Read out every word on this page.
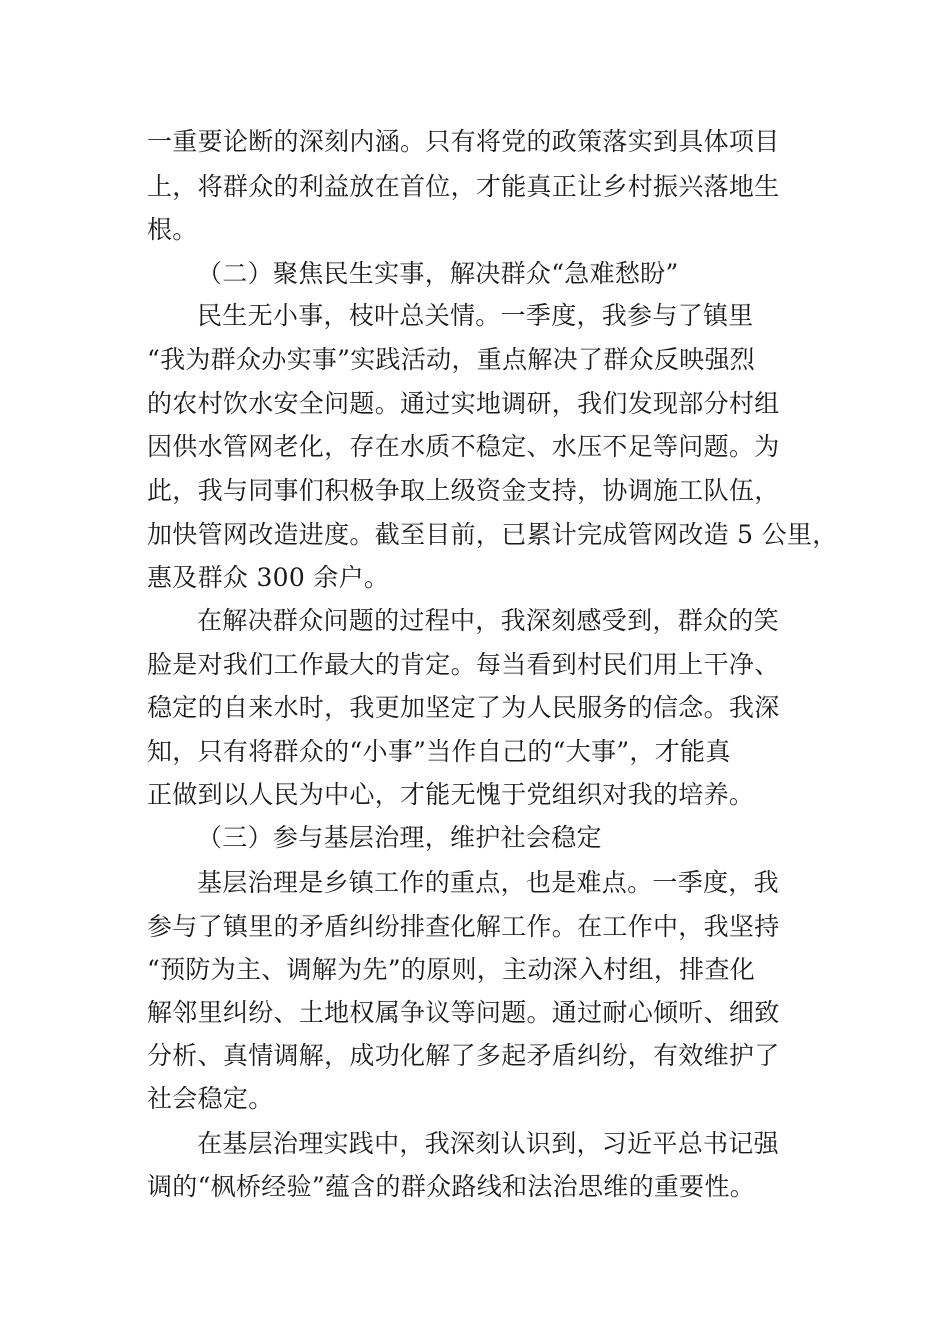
一重要论断的深刻内涵。只有将党的政策落实到具体项目

上，将群众的利益放在首位，才能真正让乡村振兴落地生

根。

（二）聚焦民生实事，解决群众“急难愁盼”

民生无小事，枝叶总关情。一季度，我参与了镇里

“我为群众办实事”实践活动，重点解决了群众反映强烈

的农村饮水安全问题。通过实地调研，我们发现部分村组

因供水管网老化，存在水质不稳定、水压不足等问题。为

此，我与同事们积极争取上级资金支持，协调施工队伍，

加快管网改造进度。截至目前，已累计完成管网改造 5 公里，

惠及群众 300 余户。

在解决群众问题的过程中，我深刻感受到，群众的笑

脸是对我们工作最大的肯定。每当看到村民们用上干净、

稳定的自来水时，我更加坚定了为人民服务的信念。我深

知，只有将群众的“小事”当作自己的“大事”，才能真

正做到以人民为中心，才能无愧于党组织对我的培养。

（三）参与基层治理，维护社会稳定

基层治理是乡镇工作的重点，也是难点。一季度，我

参与了镇里的矛盾纠纷排查化解工作。在工作中，我坚持

“预防为主、调解为先”的原则，主动深入村组，排查化

解邻里纠纷、土地权属争议等问题。通过耐心倾听、细致

分析、真情调解，成功化解了多起矛盾纠纷，有效维护了

社会稳定。

在基层治理实践中，我深刻认识到，习近平总书记强

调的“枫桥经验”蕴含的群众路线和法治思维的重要性。
